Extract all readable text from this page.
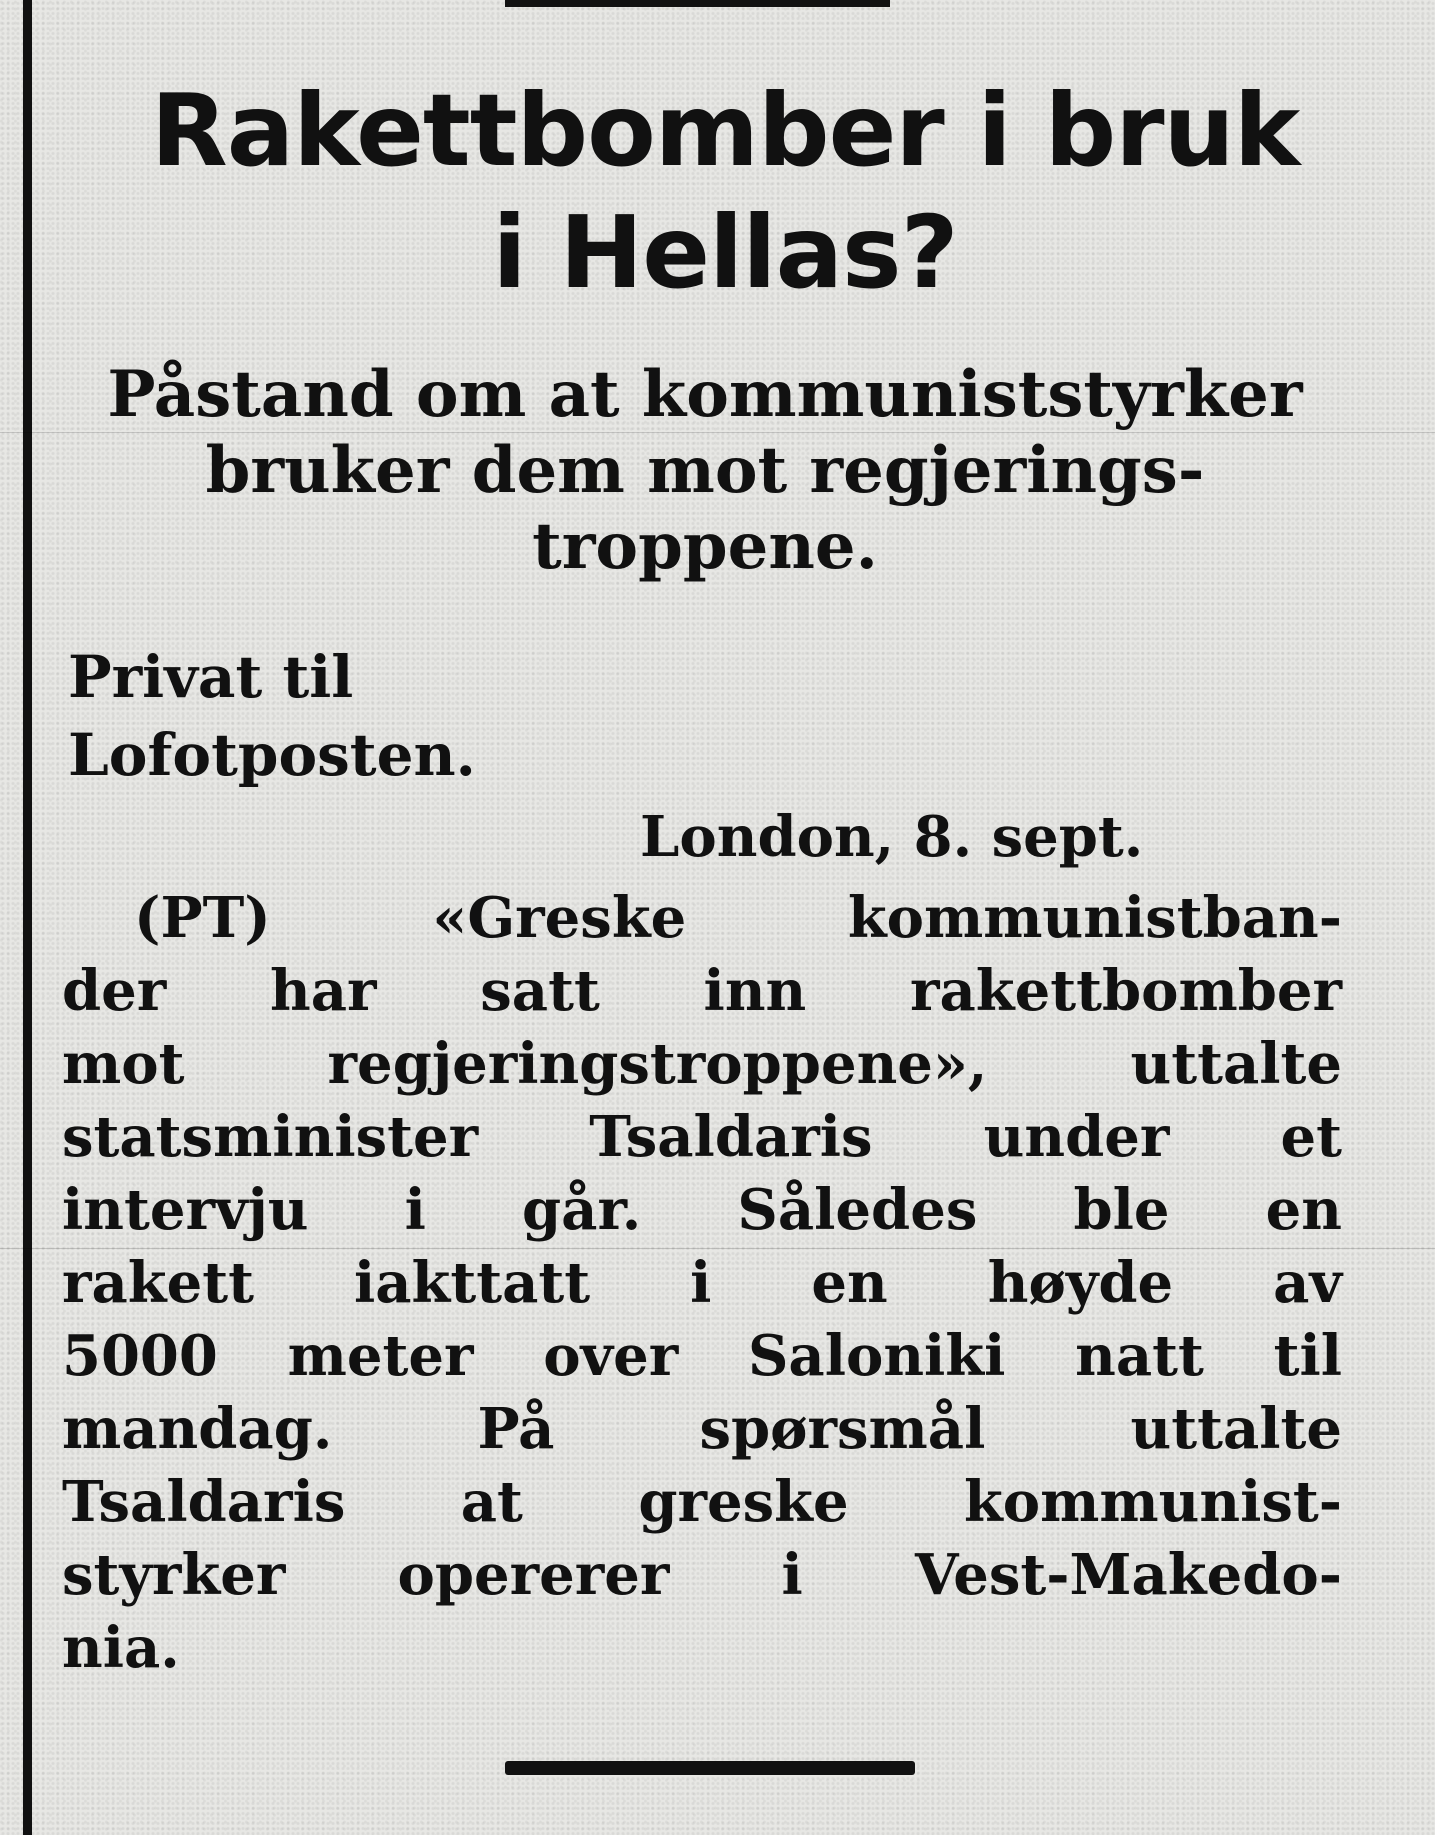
Rakettbomber i bruk
i Hellas?
Påstand om at kommuniststyrker
bruker dem mot regjerings-
troppene.

Privat til
Lofotposten.

London, 8. sept.

(PT) «Greske kommunistban-
der har satt inn rakettbomber
mot regjeringstroppene», uttalte
statsminister Tsaldaris under et
intervju i går. Således ble en
rakett iakttatt i en høyde av
5000 meter over Saloniki natt til
mandag. På spørsmål uttalte
Tsaldaris at greske kommunist-
styrker opererer i Vest-Makedo-
nia.
